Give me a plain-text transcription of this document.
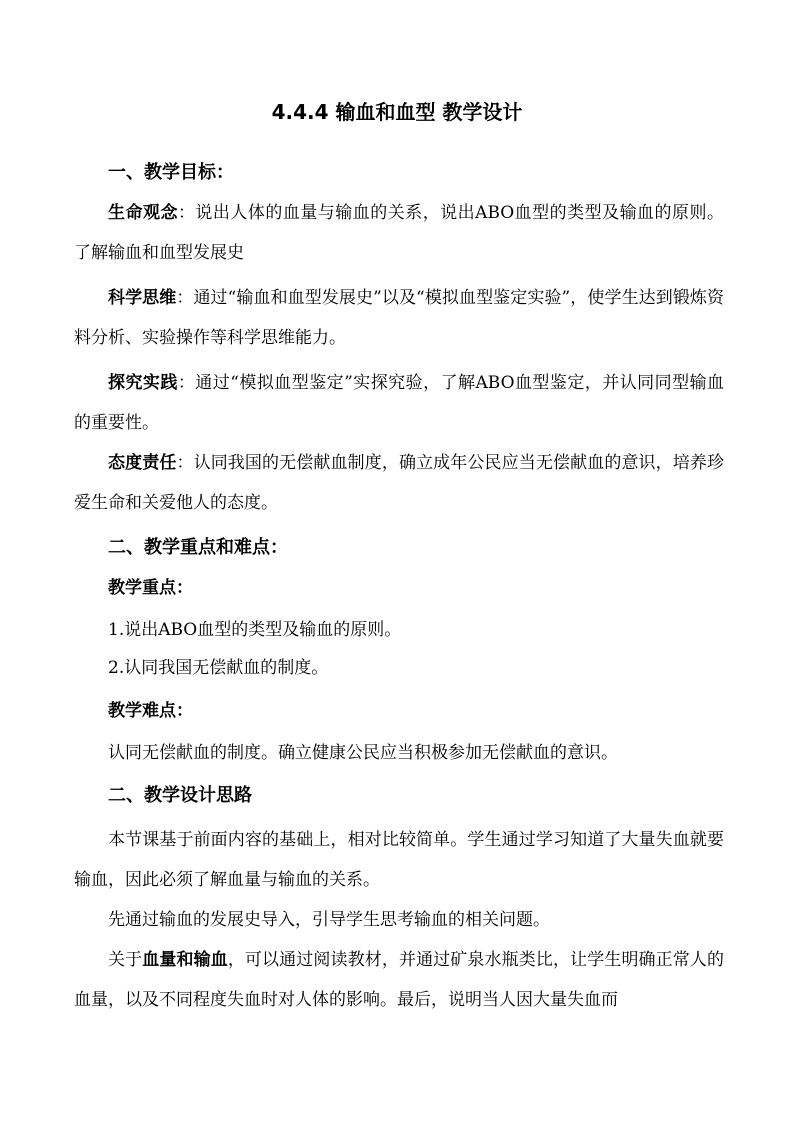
4.4.4 输血和血型 教学设计
一、教学目标：
生命观念：说出人体的血量与输血的关系，说出ABO血型的类型及输血的原则。了解输血和血型发展史
科学思维：通过“输血和血型发展史”以及“模拟血型鉴定实验”，使学生达到锻炼资料分析、实验操作等科学思维能力。
探究实践：通过“模拟血型鉴定”实探究验，了解ABO血型鉴定，并认同同型输血的重要性。
态度责任：认同我国的无偿献血制度，确立成年公民应当无偿献血的意识，培养珍爱生命和关爱他人的态度。
二、教学重点和难点：
教学重点：
1.说出ABO血型的类型及输血的原则。
2.认同我国无偿献血的制度。
教学难点：
认同无偿献血的制度。确立健康公民应当积极参加无偿献血的意识。
二、教学设计思路
本节课基于前面内容的基础上，相对比较简单。学生通过学习知道了大量失血就要输血，因此必须了解血量与输血的关系。
先通过输血的发展史导入，引导学生思考输血的相关问题。
关于血量和输血，可以通过阅读教材，并通过矿泉水瓶类比，让学生明确正常人的血量，以及不同程度失血时对人体的影响。最后，说明当人因大量失血而
